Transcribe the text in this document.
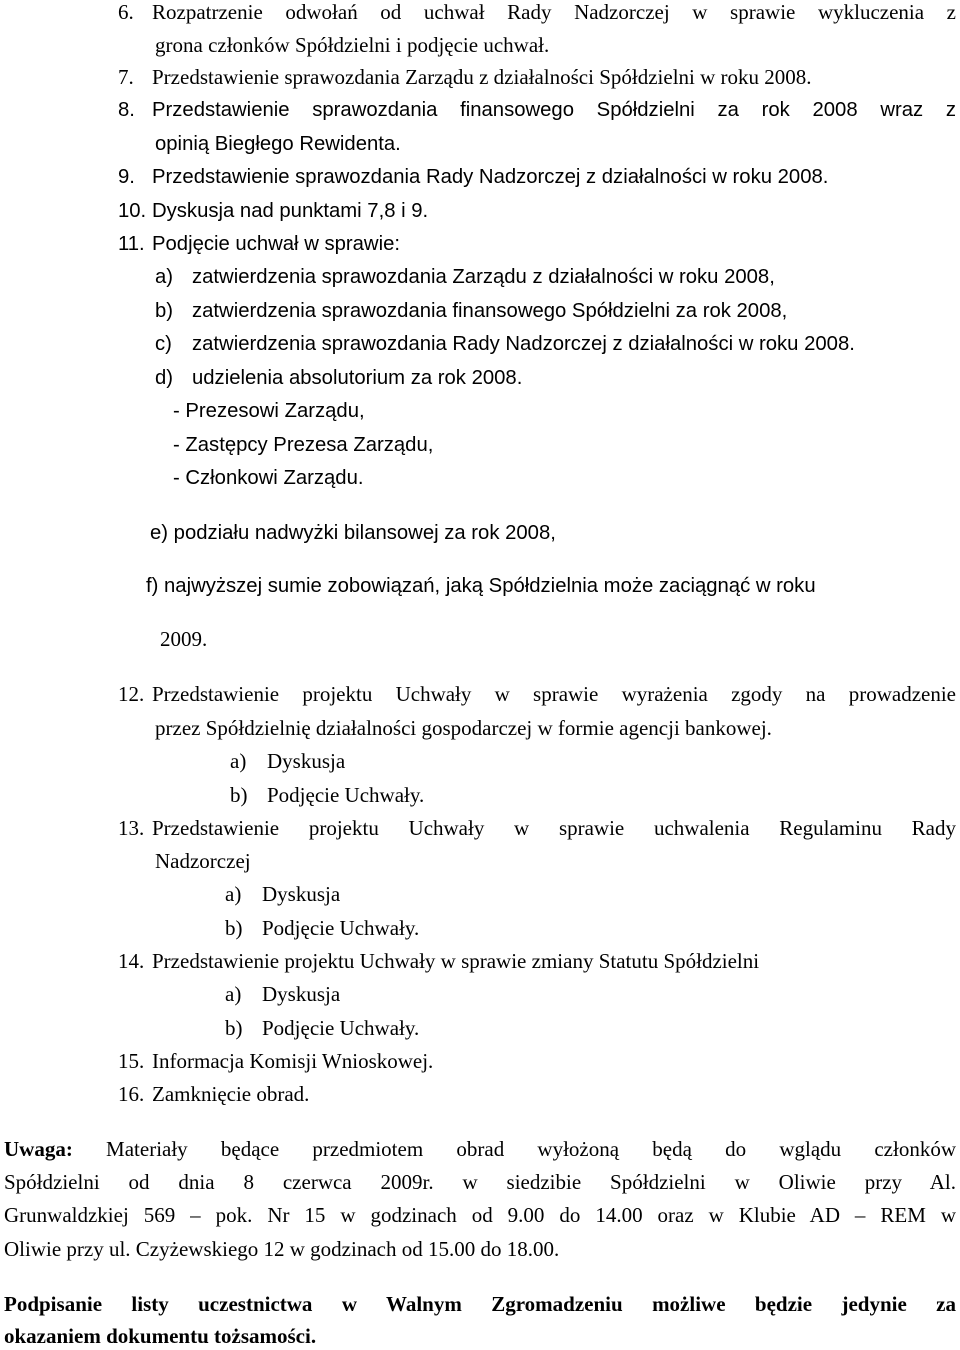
6. Rozpatrzenie odwołań od uchwał Rady Nadzorczej w sprawie wykluczenia z
grona członków Spółdzielni i podjęcie uchwał.
7. Przedstawienie sprawozdania Zarządu z działalności Spółdzielni w roku 2008.
8. Przedstawienie sprawozdania finansowego Spółdzielni za rok 2008 wraz z
opinią Biegłego Rewidenta.
9. Przedstawienie sprawozdania Rady Nadzorczej z działalności w roku 2008.
10. Dyskusja nad punktami 7,8 i 9.
11. Podjęcie uchwał w sprawie:
a) zatwierdzenia sprawozdania Zarządu z działalności w roku 2008,
b) zatwierdzenia sprawozdania finansowego Spółdzielni za rok 2008,
c) zatwierdzenia sprawozdania Rady Nadzorczej z działalności w roku 2008.
d) udzielenia absolutorium za rok 2008.
- Prezesowi Zarządu,
- Zastępcy Prezesa Zarządu,
- Członkowi Zarządu.
e) podziału nadwyżki bilansowej za rok 2008,
f) najwyższej sumie zobowiązań, jaką Spółdzielnia może zaciągnąć w roku
2009.
12. Przedstawienie projektu Uchwały w sprawie wyrażenia zgody na prowadzenie
przez Spółdzielnię działalności gospodarczej w formie agencji bankowej.
a) Dyskusja
b) Podjęcie Uchwały.
13. Przedstawienie projektu Uchwały w sprawie uchwalenia Regulaminu Rady
Nadzorczej
a) Dyskusja
b) Podjęcie Uchwały.
14. Przedstawienie projektu Uchwały w sprawie zmiany Statutu Spółdzielni
a) Dyskusja
b) Podjęcie Uchwały.
15. Informacja Komisji Wnioskowej.
16. Zamknięcie obrad.
Uwaga: Materiały będące przedmiotem obrad wyłożoną będą do wglądu członków
Spółdzielni od dnia 8 czerwca 2009r. w siedzibie Spółdzielni w Oliwie przy Al.
Grunwaldzkiej 569 – pok. Nr 15 w godzinach od 9.00 do 14.00 oraz w Klubie AD – REM w
Oliwie przy ul. Czyżewskiego 12 w godzinach od 15.00 do 18.00.
Podpisanie listy uczestnictwa w Walnym Zgromadzeniu możliwe będzie jedynie za
okazaniem dokumentu tożsamości.
